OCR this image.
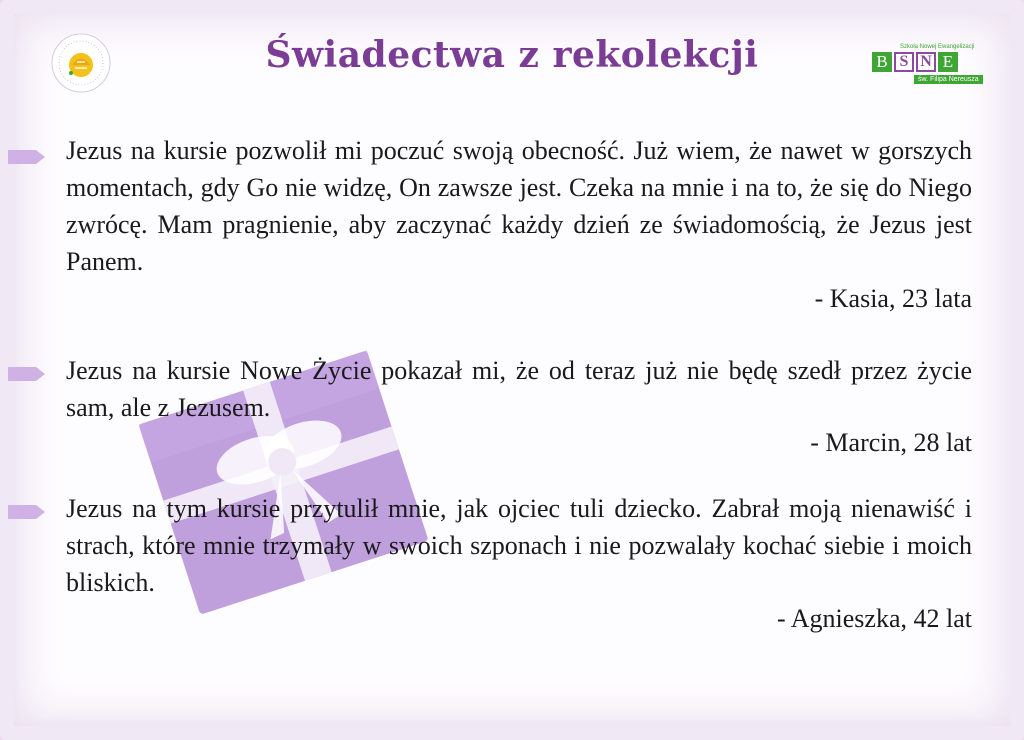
Świadectwa z rekolekcji	Szkoła Nowej Ewangelizacji
B S N E
św. Filipa Nereusza
Jezus na kursie pozwolił mi poczuć swoją obecność. Już wiem, że nawet w gorszych momentach, gdy Go nie widzę, On zawsze jest. Czeka na mnie i na to, że się do Niego zwrócę. Mam pragnienie, aby zaczynać każdy dzień ze świadomością, że Jezus jest Panem.
- Kasia, 23 lata
Jezus na kursie Nowe Życie pokazał mi, że od teraz już nie będę szedł przez życie sam, ale z Jezusem.
- Marcin, 28 lat
Jezus na tym kursie przytulił mnie, jak ojciec tuli dziecko. Zabrał moją nienawiść i strach, które mnie trzymały w swoich szponach i nie pozwalały kochać siebie i moich bliskich.
- Agnieszka, 42 lat
